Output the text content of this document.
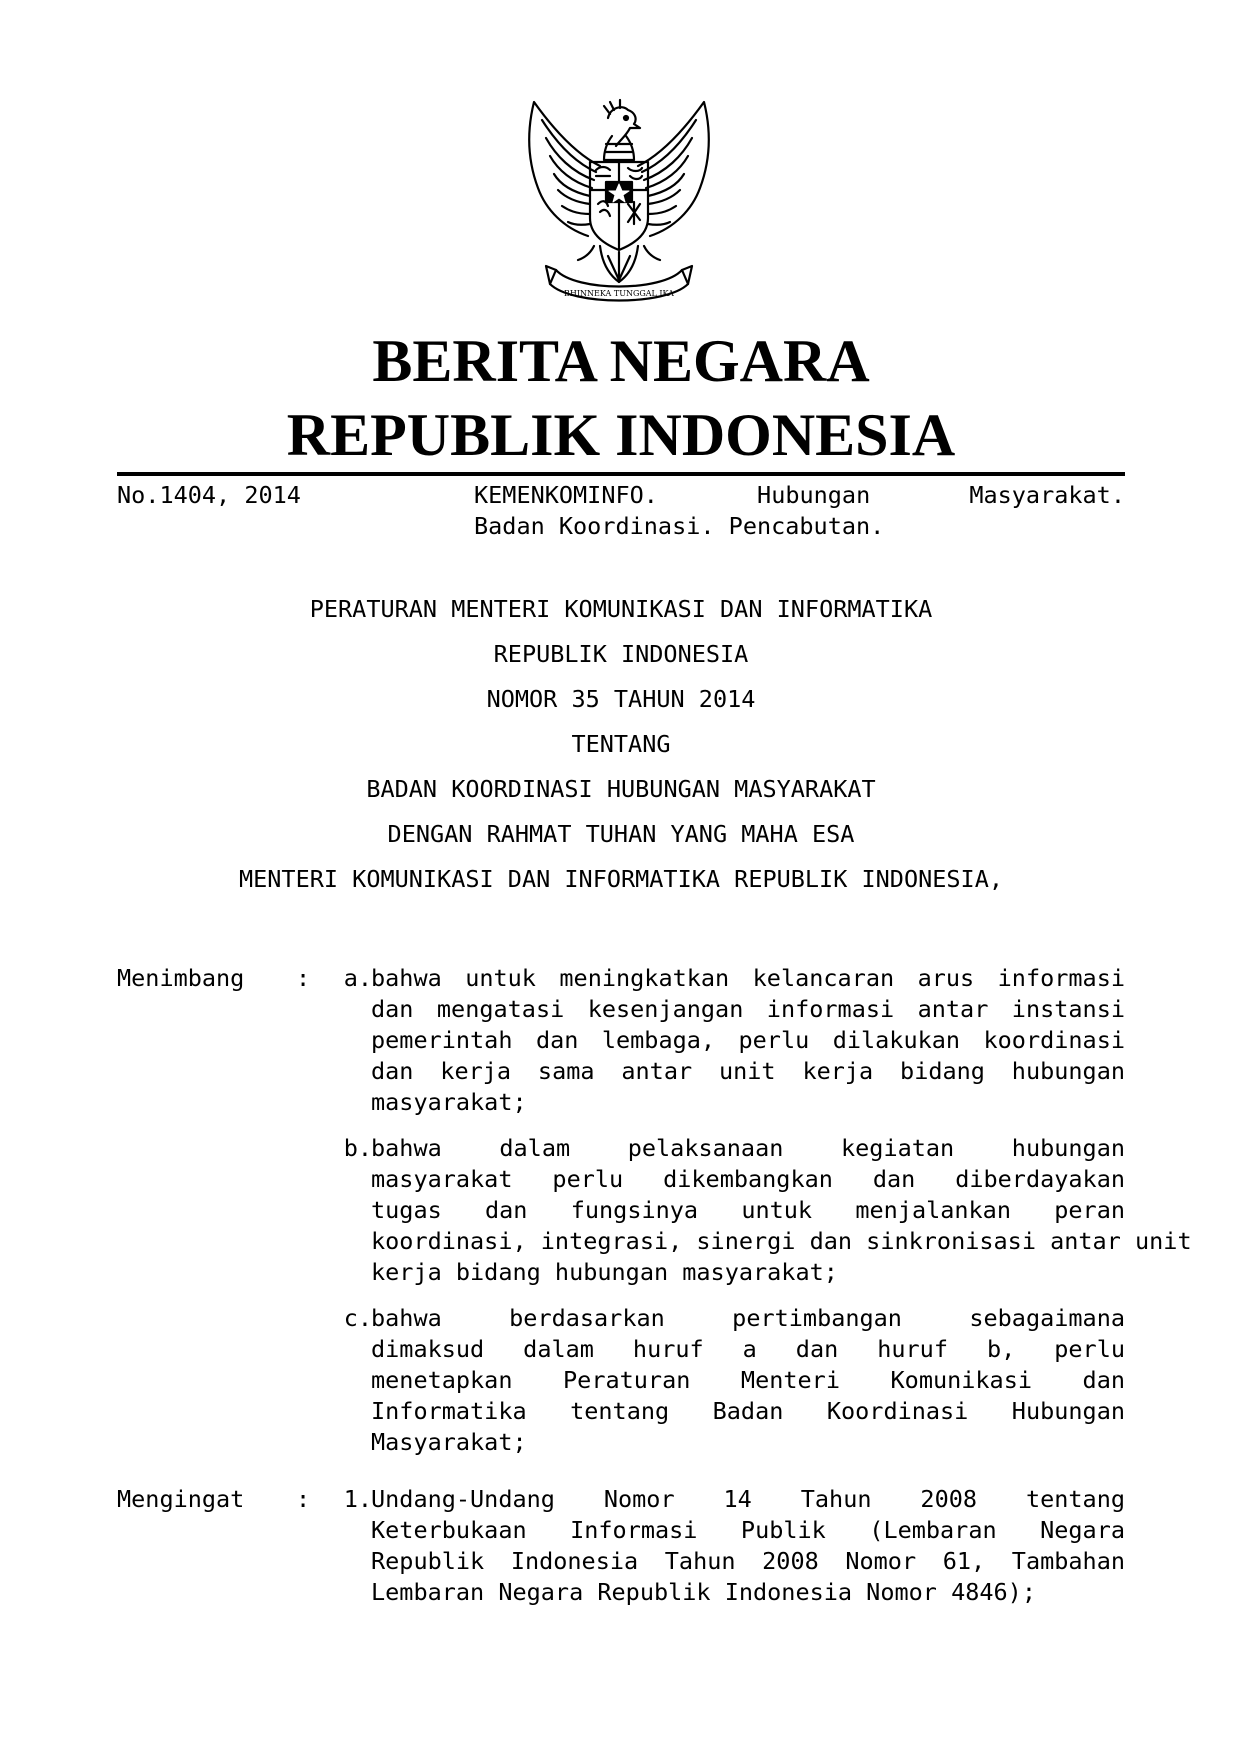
BHINNEKA TUNGGAL IKA
BERITA NEGARA
REPUBLIK INDONESIA
No.1404, 2014	KEMENKOMINFO.	Hubungan	Masyarakat.
Badan Koordinasi. Pencabutan.
PERATURAN MENTERI KOMUNIKASI DAN INFORMATIKA
REPUBLIK INDONESIA
NOMOR 35 TAHUN 2014
TENTANG
BADAN KOORDINASI HUBUNGAN MASYARAKAT
DENGAN RAHMAT TUHAN YANG MAHA ESA
MENTERI KOMUNIKASI DAN INFORMATIKA REPUBLIK INDONESIA,
Menimbang :	a. bahwa untuk meningkatkan kelancaran arus informasi
dan mengatasi kesenjangan informasi antar instansi
pemerintah dan lembaga, perlu dilakukan koordinasi
dan kerja sama antar unit kerja bidang hubungan
masyarakat;
b. bahwa dalam pelaksanaan kegiatan hubungan
masyarakat perlu dikembangkan dan diberdayakan
tugas dan fungsinya untuk menjalankan peran
koordinasi, integrasi, sinergi dan sinkronisasi antar unit
kerja bidang hubungan masyarakat;
c. bahwa berdasarkan pertimbangan sebagaimana
dimaksud dalam huruf a dan huruf b, perlu
menetapkan Peraturan Menteri Komunikasi dan
Informatika tentang Badan Koordinasi Hubungan
Masyarakat;
Mengingat :	1. Undang-Undang Nomor 14 Tahun 2008 tentang
Keterbukaan Informasi Publik (Lembaran Negara
Republik Indonesia Tahun 2008 Nomor 61, Tambahan
Lembaran Negara Republik Indonesia Nomor 4846);
